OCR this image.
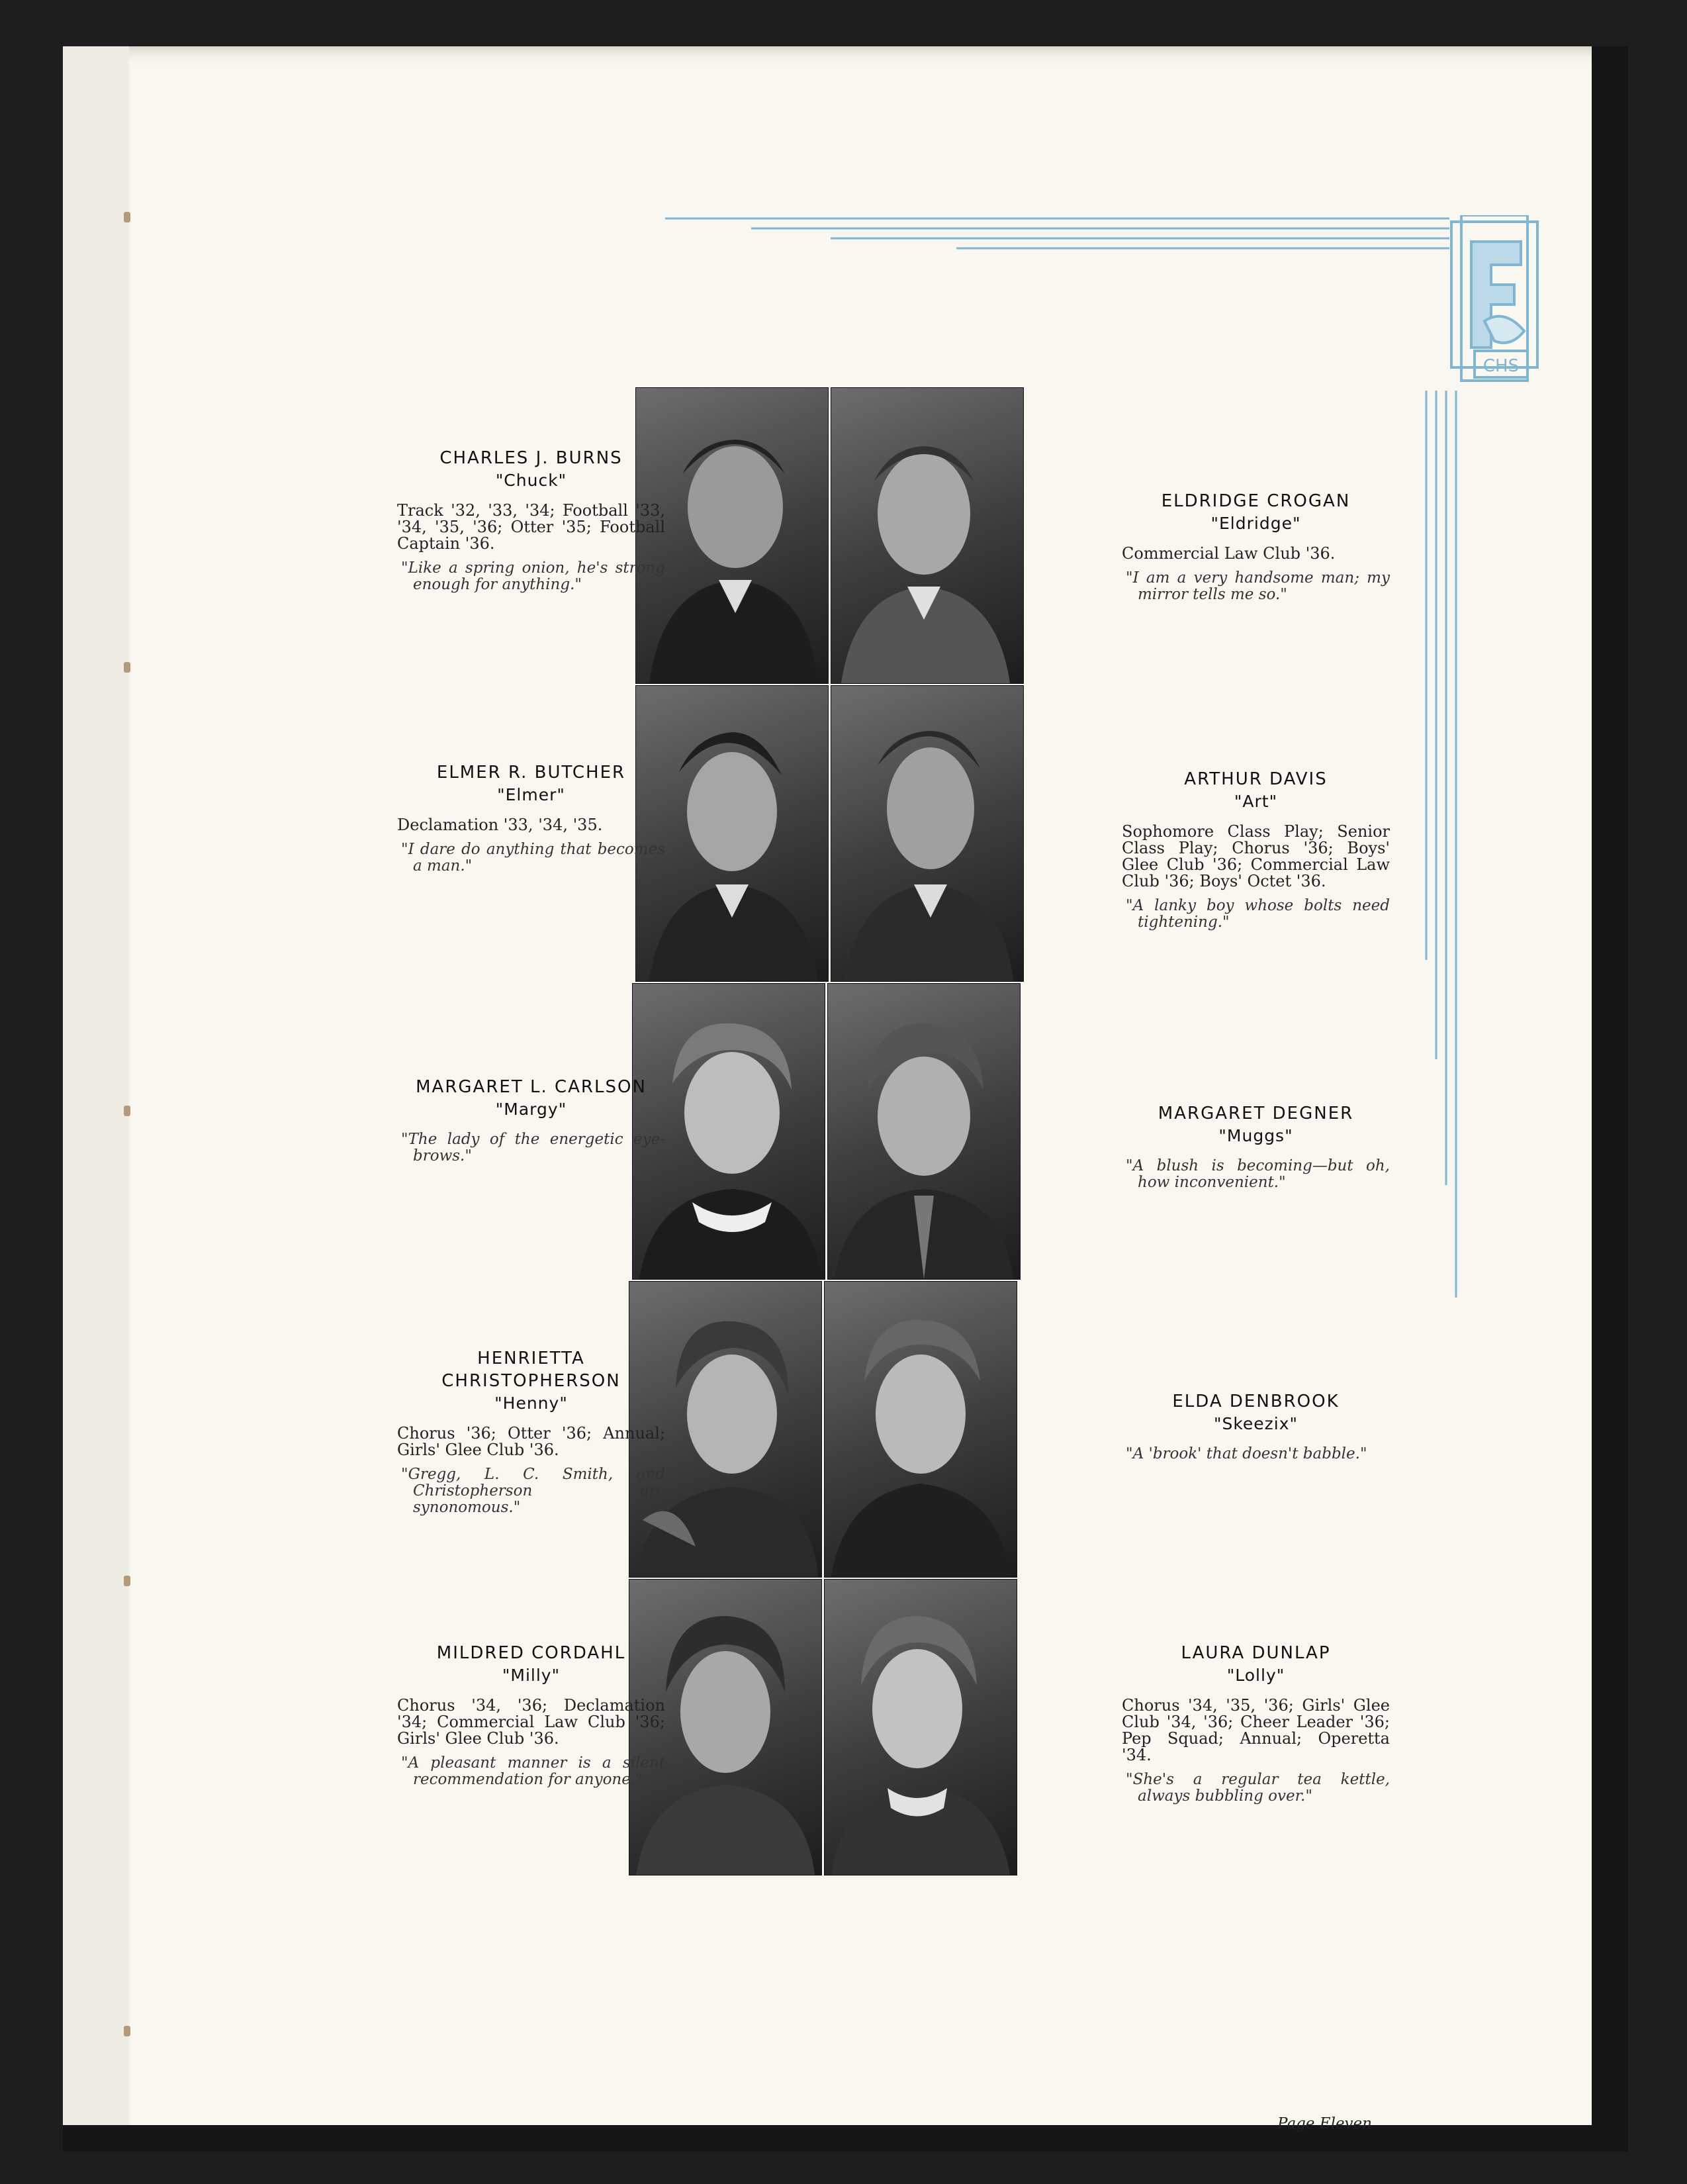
CHS
CHARLES J. BURNS
"Chuck"
Track '32, '33, '34; Football '33, '34, '35, '36; Otter '35; Football Captain '36.
"Like a spring onion, he's strong enough for anything."
ELDRIDGE CROGAN
"Eldridge"
Commercial Law Club '36.
"I am a very handsome man; my mirror tells me so."
ELMER R. BUTCHER
"Elmer"
Declamation '33, '34, '35.
"I dare do anything that becomes a man."
ARTHUR DAVIS
"Art"
Sophomore Class Play; Senior Class Play; Chorus '36; Boys' Glee Club '36; Commercial Law Club '36; Boys' Octet '36.
"A lanky boy whose bolts need tightening."
MARGARET L. CARLSON
"Margy"
"The lady of the energetic eye-brows."
MARGARET DEGNER
"Muggs"
"A blush is becoming—but oh, how inconvenient."
HENRIETTA CHRISTOPHERSON
"Henny"
Chorus '36; Otter '36; Annual; Girls' Glee Club '36.
"Gregg, L. C. Smith, and Christopherson are synonomous."
ELDA DENBROOK
"Skeezix"
"A 'brook' that doesn't babble."
MILDRED CORDAHL
"Milly"
Chorus '34, '36; Declamation '34; Commercial Law Club '36; Girls' Glee Club '36.
"A pleasant manner is a silent recommendation for anyone."
LAURA DUNLAP
"Lolly"
Chorus '34, '35, '36; Girls' Glee Club '34, '36; Cheer Leader '36; Pep Squad; Annual; Operetta '34.
"She's a regular tea kettle, always bubbling over."
Page Eleven
